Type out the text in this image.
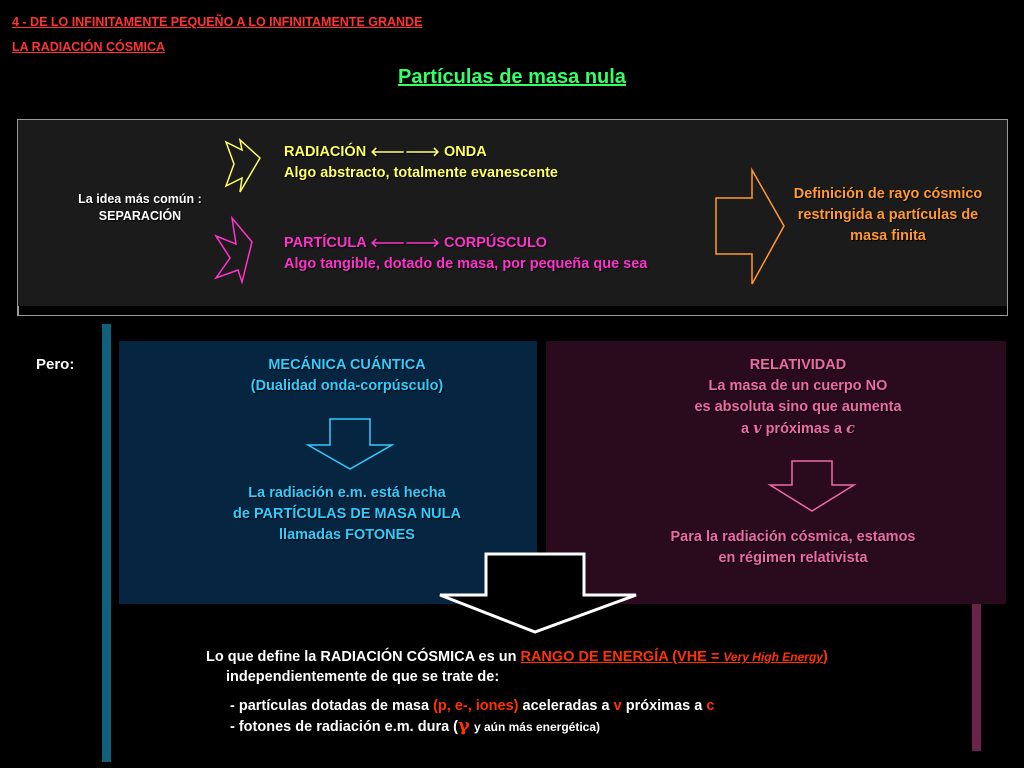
4 - DE LO INFINITAMENTE PEQUEÑO A LO INFINITAMENTE GRANDE
LA RADIACIÓN CÓSMICA
Partículas de masa nula
La idea más común :
SEPARACIÓN
RADIACIÓN 🡐🡒 ONDA
Algo abstracto, totalmente evanescente
PARTÍCULA 🡐🡒 CORPÚSCULO
Algo tangible, dotado de masa, por pequeña que sea
Definición de rayo cósmico restringida a partículas de masa finita
Pero:	MECÁNICA CUÁNTICA
(Dualidad onda-corpúsculo)
La radiación e.m. está hecha
de PARTÍCULAS DE MASA NULA
llamadas FOTONES
RELATIVIDAD
La masa de un cuerpo NO
es absoluta sino que aumenta
a v próximas a c
Para la radiación cósmica, estamos
en régimen relativista
Lo que define la RADIACIÓN CÓSMICA es un RANGO DE ENERGÍA (VHE = Very High Energy)
independientemente de que se trate de:
- partículas dotadas de masa (p, e-, iones) aceleradas a v próximas a c
- fotones de radiación e.m. dura (γ y aún más energética)
